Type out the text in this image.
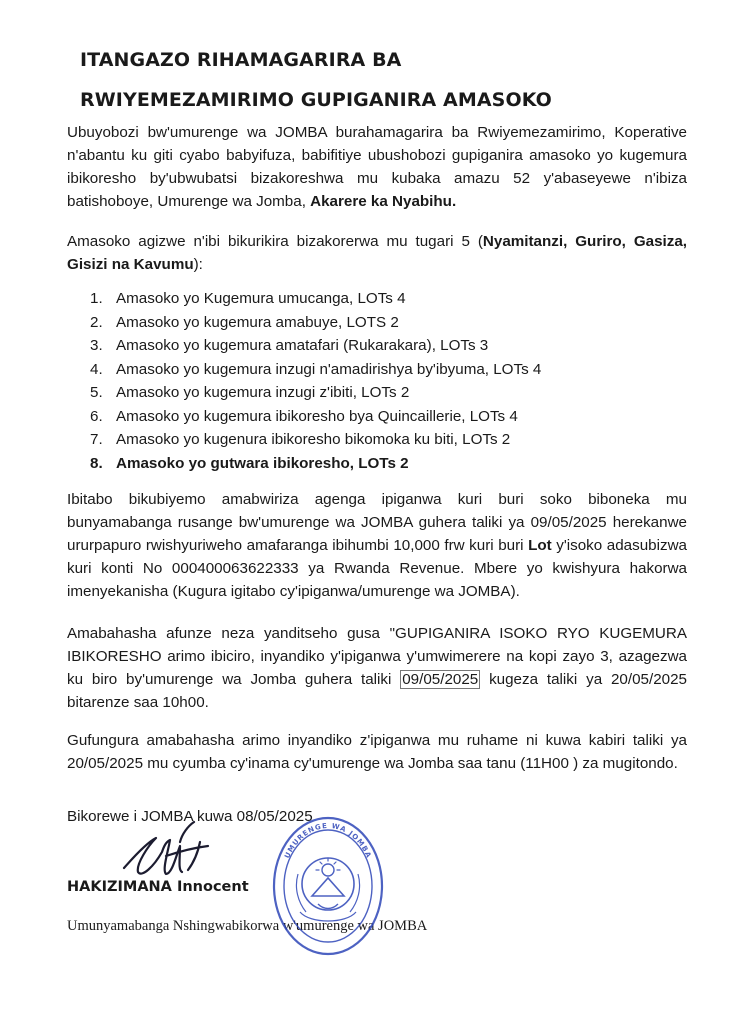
ITANGAZO RIHAMAGARIRA BA
RWIYEMEZAMIRIMO GUPIGANIRA AMASOKO

Ubuyobozi bw'umurenge wa JOMBA burahamagarira ba Rwiyemezamirimo, Koperative n'abantu ku giti cyabo babyifuza, babifitiye ubushobozi gupiganira amasoko yo kugemura ibikoresho by'ubwubatsi bizakoreshwa mu kubaka amazu 52 y'abaseyewe n'ibiza batishoboye, Umurenge wa Jomba, Akarere ka Nyabihu.

Amasoko agizwe n'ibi bikurikira bizakorerwa mu tugari 5 (Nyamitanzi, Guriro, Gasiza, Gisizi na Kavumu):

1. Amasoko yo Kugemura umucanga, LOTs 4
2. Amasoko yo kugemura amabuye, LOTS 2
3. Amasoko yo kugemura amatafari (Rukarakara), LOTs 3
4. Amasoko yo kugemura inzugi n'amadirishya by'ibyuma, LOTs 4
5. Amasoko yo kugemura inzugi z'ibiti, LOTs 2
6. Amasoko yo kugemura ibikoresho bya Quincaillerie, LOTs 4
7. Amasoko yo kugenura ibikoresho bikomoka ku biti, LOTs 2
8. Amasoko yo gutwara ibikoresho, LOTs 2

Ibitabo bikubiyemo amabwiriza agenga ipiganwa kuri buri soko biboneka mu bunyamabanga rusange bw'umurenge wa JOMBA guhera taliki ya 09/05/2025 herekanwe ururpapuro rwishyuriweho amafaranga ibihumbi 10,000 frw kuri buri Lot y'isoko adasubizwa kuri konti No 000400063622333 ya Rwanda Revenue. Mbere yo kwishyura hakorwa imenyekanisha (Kugura igitabo cy'ipiganwa/umurenge wa JOMBA).

Amabahasha afunze neza yanditseho gusa "GUPIGANIRA ISOKO RYO KUGEMURA IBIKORESHO arimo ibiciro, inyandiko y'ipiganwa y'umwimerere na kopi zayo 3, azagezwa ku biro by'umurenge wa Jomba guhera taliki 09/05/2025 kugeza taliki ya 20/05/2025 bitarenze saa 10h00.

Gufungura amabahasha arimo inyandiko z'ipiganwa mu ruhame ni kuwa kabiri taliki ya 20/05/2025 mu cyumba cy'inama cy'umurenge wa Jomba saa tanu (11H00 ) za mugitondo.

Bikorewe i JOMBA kuwa 08/05/2025
HAKIZIMANA Innocent
Umunyamabanga Nshingwabikorwa w'umurenge wa JOMBA
UMURENGE WA JOMBA
